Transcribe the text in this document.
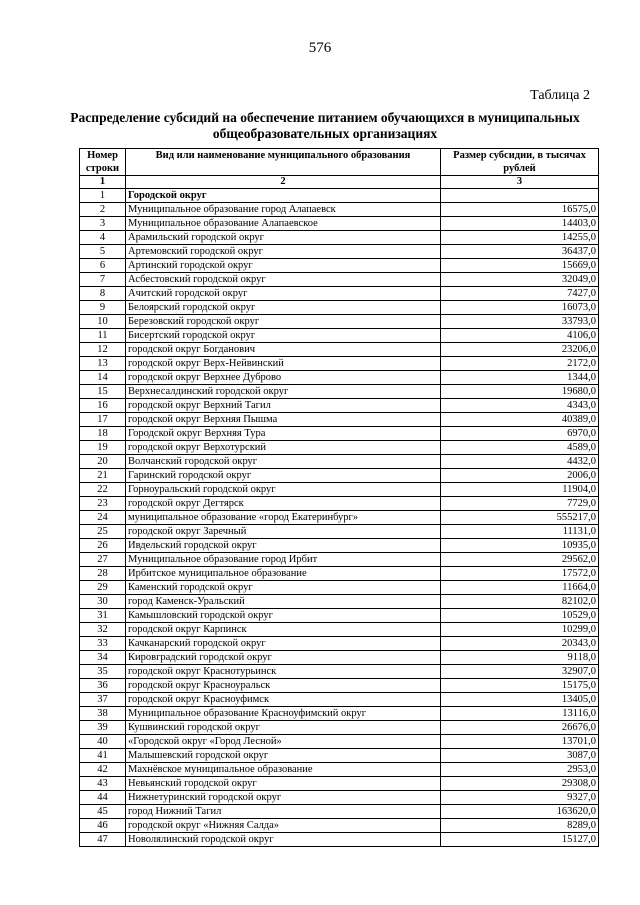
576
Таблица 2
Распределение субсидий на обеспечение питанием обучающихся в муниципальных общеобразовательных организациях
Номер строки	Вид или наименование муниципального образования	Размер субсидии, в тысячах рублей

1	2	3
1	Городской округ	
2	Муниципальное образование город Алапаевск	16575,0
3	Муниципальное образование Алапаевское	14403,0
4	Арамильский городской округ	14255,0
5	Артемовский городской округ	36437,0
6	Артинский городской округ	15669,0
7	Асбестовский городской округ	32049,0
8	Ачитский городской округ	7427,0
9	Белоярский городской округ	16073,0
10	Березовский городской округ	33793,0
11	Бисертский городской округ	4106,0
12	городской округ Богданович	23206,0
13	городской округ Верх-Нейвинский	2172,0
14	городской округ Верхнее Дуброво	1344,0
15	Верхнесалдинский городской округ	19680,0
16	городской округ Верхний Тагил	4343,0
17	городской округ Верхняя Пышма	40389,0
18	Городской округ Верхняя Тура	6970,0
19	городской округ Верхотурский	4589,0
20	Волчанский городской округ	4432,0
21	Гаринский городской округ	2006,0
22	Горноуральский городской округ	11904,0
23	городской округ Дегтярск	7729,0
24	муниципальное образование «город Екатеринбург»	555217,0
25	городской округ Заречный	11131,0
26	Ивдельский городской округ	10935,0
27	Муниципальное образование город Ирбит	29562,0
28	Ирбитское муниципальное образование	17572,0
29	Каменский городской округ	11664,0
30	город Каменск-Уральский	82102,0
31	Камышловский городской округ	10529,0
32	городской округ Карпинск	10299,0
33	Качканарский городской округ	20343,0
34	Кировградский городской округ	9118,0
35	городской округ Краснотурьинск	32907,0
36	городской округ Красноуральск	15175,0
37	городской округ Красноуфимск	13405,0
38	Муниципальное образование Красноуфимский округ	13116,0
39	Кушвинский городской округ	26676,0
40	«Городской округ «Город Лесной»	13701,0
41	Малышевский городской округ	3087,0
42	Махнёвское муниципальное образование	2953,0
43	Невьянский городской округ	29308,0
44	Нижнетуринский городской округ	9327,0
45	город Нижний Тагил	163620,0
46	городской округ «Нижняя Салда»	8289,0
47	Новолялинский городской округ	15127,0
